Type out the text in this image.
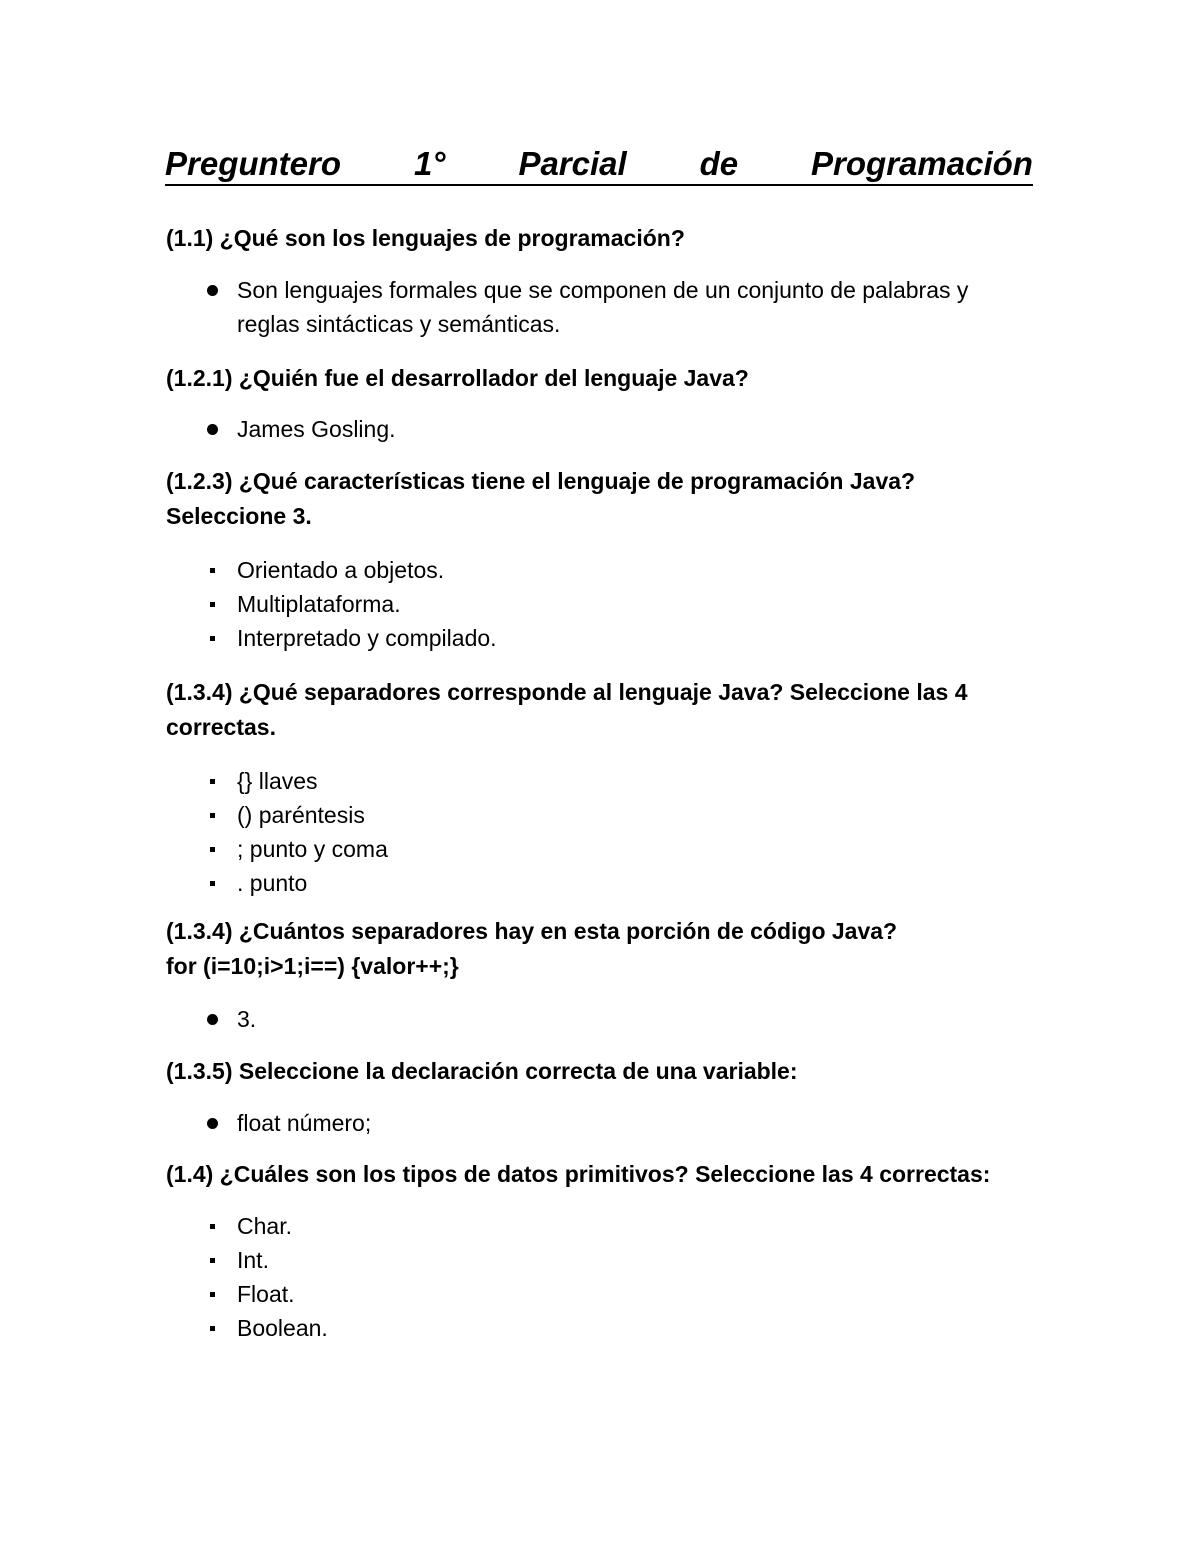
Preguntero 1° Parcial de Programación
(1.1) ¿Qué son los lenguajes de programación?
Son lenguajes formales que se componen de un conjunto de palabras y reglas sintácticas y semánticas.
(1.2.1) ¿Quién fue el desarrollador del lenguaje Java?
James Gosling.
(1.2.3) ¿Qué características tiene el lenguaje de programación Java?
Seleccione 3.
Orientado a objetos.
Multiplataforma.
Interpretado y compilado.
(1.3.4) ¿Qué separadores corresponde al lenguaje Java? Seleccione las 4
correctas.
{} llaves
() paréntesis
; punto y coma
. punto
(1.3.4) ¿Cuántos separadores hay en esta porción de código Java?
for (i=10;i>1;i==) {valor++;}
3.
(1.3.5) Seleccione la declaración correcta de una variable:
float número;
(1.4) ¿Cuáles son los tipos de datos primitivos? Seleccione las 4 correctas:
Char.
Int.
Float.
Boolean.
